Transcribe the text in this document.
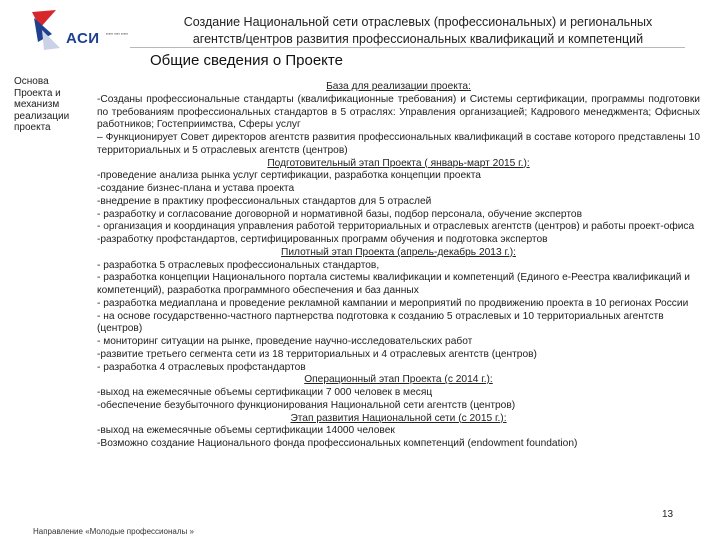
АСИ ▪▪▪▪▪ ▪▪▪▪ ▪▪▪▪▪
Создание Национальной сети отраслевых (профессиональных) и региональных
агентств/центров развития профессиональных квалификаций и компетенций
Общие сведения о Проекте
Основа
Проекта и
механизм
реализации
проекта
База для реализации проекта:
-Созданы профессиональные стандарты (квалификационные требования) и Системы сертификации, программы подготовки по требованиям профессиональных стандартов в 5 отраслях: Управления организацией; Кадрового менеджмента; Офисных работников; Гостеприимства, Сферы услуг
– Функционирует Совет директоров агентств развития профессиональных квалификаций в составе которого представлены 10 территориальных и 5 отраслевых агентств (центров)
Подготовительный этап Проекта ( январь-март 2015 г.):
-проведение анализа рынка услуг сертификации, разработка концепции проекта
-создание бизнес-плана и устава проекта
-внедрение в практику профессиональных стандартов для 5 отраслей
- разработку и согласование договорной и нормативной базы, подбор персонала, обучение экспертов
- организация и координация управления работой территориальных и отраслевых агентств (центров) и работы проект-офиса
-разработку профстандартов, сертифицированных программ обучения и подготовка экспертов
Пилотный этап Проекта (апрель-декабрь 2013 г.):
- разработка 5 отраслевых профессиональных стандартов,
- разработка концепции Национального портала системы квалификации и компетенций (Единого е-Реестра квалификаций и компетенций), разработка программного обеспечения и баз данных
- разработка медиаплана и проведение рекламной кампании и мероприятий по продвижению проекта в 10 регионах России
- на основе государственно-частного партнерства подготовка к созданию 5 отраслевых и 10 территориальных агентств (центров)
- мониторинг ситуации на рынке, проведение научно-исследовательских работ
-развитие третьего сегмента сети из 18 территориальных и 4 отраслевых агентств (центров)
- разработка 4 отраслевых профстандартов
Операционный этап Проекта (с 2014 г.):
-выход на ежемесячные объемы сертификации 7 000 человек в месяц
-обеспечение безубыточного функционирования Национальной сети агентств (центров)
Этап развития Национальной сети (с 2015 г.):
-выход на ежемесячные объемы сертификации 14000 человек
-Возможно создание Национального фонда профессиональных компетенций (endowment foundation)
13
Направление «Молодые профессионалы »
